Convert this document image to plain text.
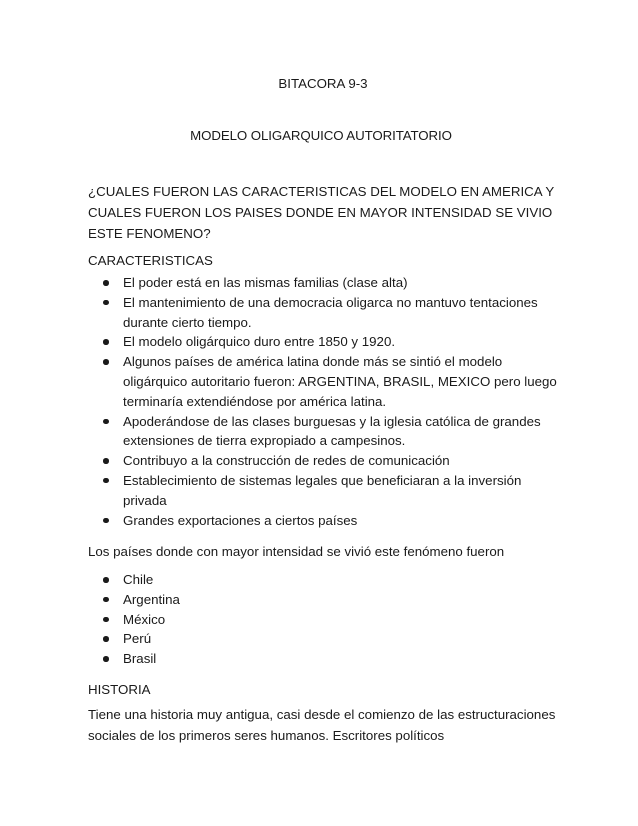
BITACORA 9-3
MODELO OLIGARQUICO AUTORITATORIO
¿CUALES FUERON LAS CARACTERISTICAS DEL MODELO EN AMERICA Y CUALES FUERON LOS PAISES DONDE EN MAYOR INTENSIDAD SE VIVIO ESTE FENOMENO?
CARACTERISTICAS
El poder está en las mismas familias (clase alta)
El mantenimiento de una democracia oligarca no mantuvo tentaciones durante cierto tiempo.
El modelo oligárquico duro entre 1850 y 1920.
Algunos países de américa latina donde más se sintió el modelo oligárquico autoritario fueron: ARGENTINA, BRASIL, MEXICO pero luego terminaría extendiéndose por américa latina.
Apoderándose de las clases burguesas y la iglesia católica de grandes extensiones de tierra expropiado a campesinos.
Contribuyo a la construcción de redes de comunicación
Establecimiento de sistemas legales que beneficiaran a la inversión privada
Grandes exportaciones a ciertos países
Los países donde con mayor intensidad se vivió este fenómeno fueron
Chile
Argentina
México
Perú
Brasil
HISTORIA
Tiene una historia muy antigua, casi desde el comienzo de las estructuraciones sociales de los primeros seres humanos. Escritores políticos
